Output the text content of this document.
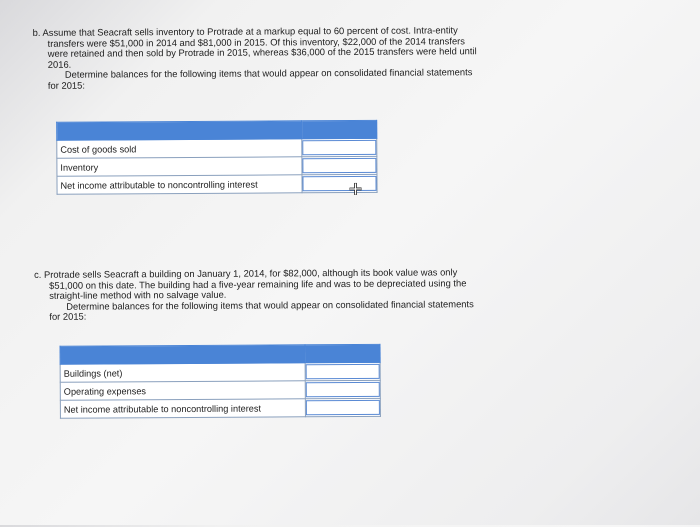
b. Assume that Seacraft sells inventory to Protrade at a markup equal to 60 percent of cost. Intra-entity
transfers were $51,000 in 2014 and $81,000 in 2015. Of this inventory, $22,000 of the 2014 transfers
were retained and then sold by Protrade in 2015, whereas $36,000 of the 2015 transfers were held until
2016.
Determine balances for the following items that would appear on consolidated financial statements
for 2015:

Cost of goods sold	

Inventory	

Net income attributable to noncontrolling interest	
c. Protrade sells Seacraft a building on January 1, 2014, for $82,000, although its book value was only
$51,000 on this date. The building had a five-year remaining life and was to be depreciated using the
straight-line method with no salvage value.
Determine balances for the following items that would appear on consolidated financial statements
for 2015:

Buildings (net)	

Operating expenses	

Net income attributable to noncontrolling interest	
